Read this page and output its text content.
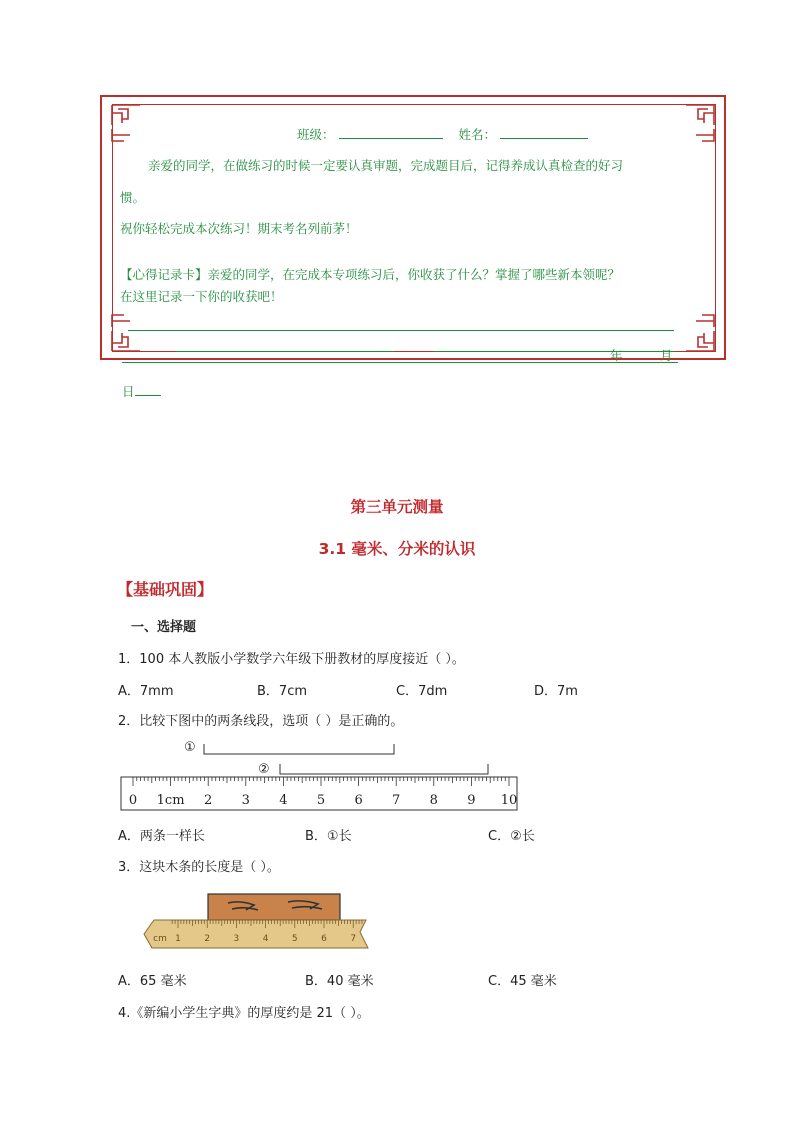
班级：	姓名：
亲爱的同学，在做练习的时候一定要认真审题，完成题目后，记得养成认真检查的好习
惯。
祝你轻松完成本次练习！期末考名列前茅！
【心得记录卡】亲爱的同学，在完成本专项练习后，你收获了什么？掌握了哪些新本领呢？
在这里记录一下你的收获吧！
年	月
日
第三单元测量
3.1 毫米、分米的认识
【基础巩固】
一、选择题
1．100 本人教版小学数学六年级下册教材的厚度接近（ ）。
A．7mm	B．7cm	C．7dm	D．7m
2．比较下图中的两条线段，选项（ ）是正确的。
①
②
0 1cm 2 3 4 5 6 7 8 9 10
A．两条一样长	B．①长	C．②长
3．这块木条的长度是（ ）。
cm 1	2	3	4	5	6	7
A．65 毫米	B．40 毫米	C．45 毫米
4.《新编小学生字典》的厚度约是 21（ ）。
